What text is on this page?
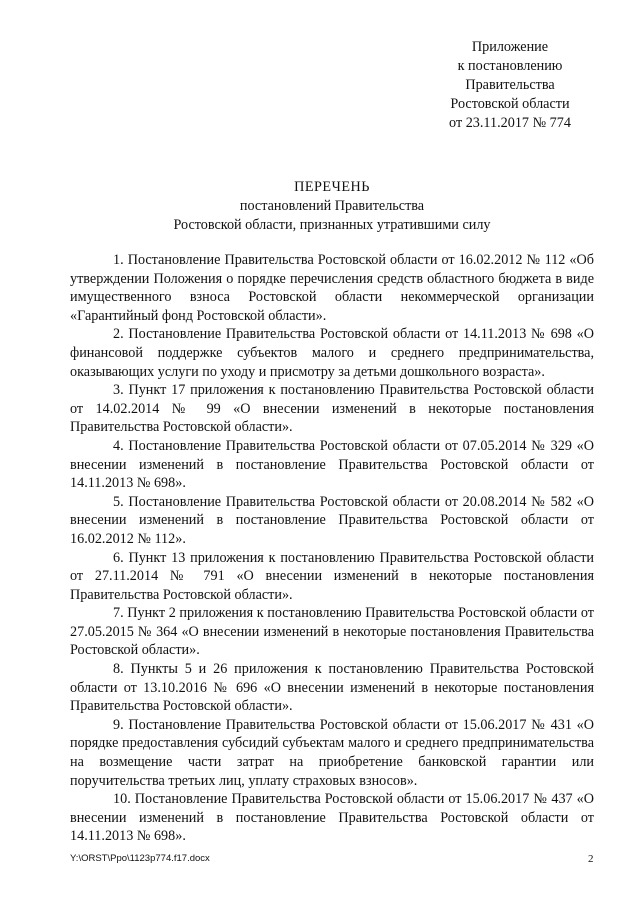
Приложение
к постановлению
Правительства
Ростовской области
от 23.11.2017 № 774
ПЕРЕЧЕНЬ
постановлений Правительства
Ростовской области, признанных утратившими силу

1. Постановление Правительства Ростовской области от 16.02.2012 № 112 «Об утверждении Положения о порядке перечисления средств областного бюджета в виде имущественного взноса Ростовской области некоммерческой организации «Гарантийный фонд Ростовской области».

2. Постановление Правительства Ростовской области от 14.11.2013 № 698 «О финансовой поддержке субъектов малого и среднего предпринимательства, оказывающих услуги по уходу и присмотру за детьми дошкольного возраста».

3. Пункт 17 приложения к постановлению Правительства Ростовской области от 14.02.2014 № 99 «О внесении изменений в некоторые постановления Правительства Ростовской области».

4. Постановление Правительства Ростовской области от 07.05.2014 № 329 «О внесении изменений в постановление Правительства Ростовской области от 14.11.2013 № 698».

5. Постановление Правительства Ростовской области от 20.08.2014 № 582 «О внесении изменений в постановление Правительства Ростовской области от 16.02.2012 № 112».

6. Пункт 13 приложения к постановлению Правительства Ростовской области от 27.11.2014 № 791 «О внесении изменений в некоторые постановления Правительства Ростовской области».

7. Пункт 2 приложения к постановлению Правительства Ростовской области от 27.05.2015 № 364 «О внесении изменений в некоторые постановления Правительства Ростовской области».

8. Пункты 5 и 26 приложения к постановлению Правительства Ростовской области от 13.10.2016 № 696 «О внесении изменений в некоторые постановления Правительства Ростовской области».

9. Постановление Правительства Ростовской области от 15.06.2017 № 431 «О порядке предоставления субсидий субъектам малого и среднего предпринимательства на возмещение части затрат на приобретение банковской гарантии или поручительства третьих лиц, уплату страховых взносов».

10. Постановление Правительства Ростовской области от 15.06.2017 № 437 «О внесении изменений в постановление Правительства Ростовской области от 14.11.2013 № 698».

Y:\ORST\Ppo\1123p774.f17.docx	2
